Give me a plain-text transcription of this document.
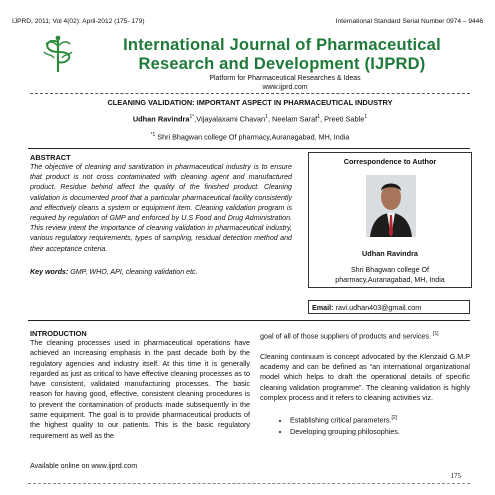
IJPRD, 2011; Vol 4(02): April-2012 (175- 179)	International Standard Serial Number 0974 – 9446
International Journal of Pharmaceutical
Research and Development (IJPRD)
Platform for Pharmaceutical Researches & Ideas
www.ijprd.com
CLEANING VALIDATION: IMPORTANT ASPECT IN PHARMACEUTICAL INDUSTRY
Udhan Ravindra$^{1*}$,Vijayalaxami Chavan$^1$, Neelam Saraf$^1$, Preeti Sable$^1$
$^{*1}$ Shri Bhagwan college Of pharmacy,Auranagabad, MH, India
ABSTRACT
The objective of cleaning and sanitization in pharmaceutical industry is to ensure that product is not cross contaminated with cleaning agent and manufactured product. Residue behind affect the quality of the finished product. Cleaning validation is documented proof that a particular pharmaceutical facility consistently and effectively cleans a system or equipment item. Cleaning validation program is required by regulation of GMP and enforced by U.S Food and Drug Administration. This review intent the importance of cleaning validation in pharmaceutical industry, various regulatory requirements, types of sampling, residual detection method and their acceptance criteria.
Key words: GMP, WHO, API, cleaning validation etc.
Correspondence to Author
Udhan Ravindra
Shri Bhagwan college Of pharmacy,Auranagabad, MH, India
Email: ravi.udhan403@gmail.com
INTRODUCTION
The cleaning processes used in pharmaceutical operations have achieved an increasing emphasis in the past decade both by the regulatory agencies and industry itself. At this time it is generally regarded as just as critical to have effective cleaning processes as to have consistent, validated manufacturing processes. The basic reason for having good, effective, consistent cleaning procedures is to prevent the contamination of products made subsequently in the same equipment. The goal is to provide pharmaceutical products of the highest quality to our patients. This is the basic regulatory requirement as well as the

goal of all of those suppliers of products and services. [1]

Cleaning continuum is concept advocated by the Klenzaid G.M.P academy and can be defined as “an international organizational model which helps to draft the operational details of specific cleaning validation programme”. The cleaning validation is highly complex process and it refers to cleaning activities viz.

• Establishing critical parameters.[2]
• Developing grouping philosophies.
Available online on www.ijprd.com
175
